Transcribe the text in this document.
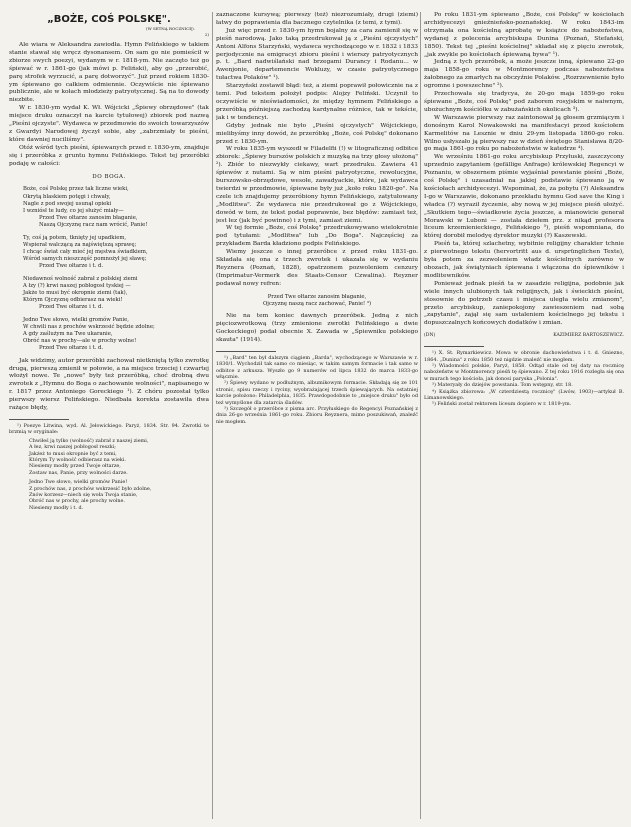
„BOŻE, COŚ POLSKĘ".
(W SETNĄ ROCZNICĘ).
2)

Ale wiara w Aleksandra zawiodła. Hymn Felińskiego w takiem stanie stawał się wręcz dysonansem. On sam go nie pomieścił w zbiorze swych poezyi, wydanym w r. 1818-ym. Nie zaczęto też go śpiewać w r. 1861-go (jak mówi p. Feliński), aby go „przerobić, parę strofek wyrzucić, a parę dotworzyć". Już przed rokiem 1830-ym śpiewano go całkiem odmiennie. Oczywiście nie śpiewano publicznie, ale w kołach młodzieży patryotycznej. Są na to dowody niezbite.

W r. 1830-ym wydał K. Wł. Wójcicki „Śpiewy obrzędowe" (tak miejsce druku oznaczył na karcie tytułowej) zbiorek pod nazwą „Pieśni ojczyste". Wydawca w przedmowie do swoich towarzyszów z Gwardyi Narodowej życzył sobie, aby „zabrzmiały te pieśni, które dawniej nuciliśmy".

Otóż wśród tych pieśni, śpiewanych przed r. 1830-ym, znajduje się i przeróbka z gruntu hymnu Felińskiego. Tekst tej przeróbki podaję w całości:

DO BOGA.
Boże, coś Polskę przez tak liczne wieki,
Okrytą blaskiem potęgi i chwały,
Nagle z pod swojej usunął opieki
I wzniósł te ludy, co jej służyć miały—
Przed Twe ołtarze zanosim błaganie,
Naszą Ojczyznę racz nam wrócić, Panie!
Ty, coś ją potem, tknięty jej upadkiem,
Wspierał walczącą za najświętszą sprawę;
I chcąc świat cały mieć jej męstwa świadkiem,
Wśród samych nieszczęść pomnożył jej sławę;
Przed Twe ołtarze i t. d.
Niedawnoś wolność zabrał z polskiej ziemi
A łzy (?) krwi naszej pobłogosł tyskiej —
Jakże to musi być okropnie ziemi (tak),
Którym Ojczyznę odbierasz na wieki!
Przed Twe ołtarze i t. d.
Jedno Twe słowo, wielki gromów Panie,
W chwili nas z prochów wskrzesić będzie zdolne;
A gdy zaślużym na Twe ukaranie,
Obróć nas w prochy—ale w prochy wolne!
Przed Twe ołtarze i t. d.

Jak widzimy, autor przeróbki zachował nietkniętą tylko zwrotkę drugą, pierwszą zmienił w połowie, a na miejsce trzeciej i czwartej włożył nowe. Te „nowe" były też przeróbką, choć drobną dwu zwrotek z „Hymnu do Boga o zachowanie wolności", napisanego w r. 1817 przez Antoniego Goreckiego ¹). Z chóru pozostał tylko pierwszy wiersz Felińskiego. Niedbała korekta zostawiła dwa rażące błędy,

¹) Poezye Litwina, wyd. Al. Jełowickiego. Paryż, 1834. Str. 94. Zwrotki te brzmią w oryginale:

Chwiłeś ją tylko (wolność) zabrał z naszej ziemi,
A łez, krwi naszej pobłogosł reszki;
Jakżeż to musi okropnie być z temi,
Którym Ty wolność odbierasz na wieki.
Niesiemy modły przed Twoje ołtarze,
Zostaw nas, Panie, przy wolności darze.
Jedno Twe słowo, wielki gromów Panie!
Z prochów nas, z prochów wskrzesić było zdolne,
Znów korzesz—niech się woła Twoja stanie,
Obróć nas w prochy, ale prochy wolne.
Niesiemy modły i t. d.

zaznaczone kursywą; pierwszy (też) niezrozumiały, drugi (ziemi) łatwy do poprawienia dla bacznego czytelnika (z temi, z tymi).

Już więc przed r. 1830-ym hymn bojalny za cara zamienił się w pieśń narodową. Jako taką przedrukował ją z „Pieśni ojczystych" Antoni Alfons Starzyński, wydawca wychodzącego w r. 1832 i 1833 perjodycznie na emigracyi zbioru pieśni i wierszy patryotycznych p. t. „Bard nadwiślański nad brzegami Durancy i Rodanu... w Awenjonie, departemencie Wokluzy, w czasie patryotycznego tułactwa Polaków" ¹).

Starzyński zostawił błąd: też, a ziemi poprawił połowicznie na z temi. Pod tekstem położył podpis: Alojzy Feliński. Uczynił to oczywiście w nieświadomości, że między hymnem Felińskiego a przeróbką późniejszą zachodzą kardynalne różnice, tak w tekście, jak i w tendencyi.

Gdyby jednak nie było „Pieśni ojczystych" Wójcickiego, mielibyśmy inny dowód, że przeróbkę „Boże, coś Polskę" dokonano przed r. 1830-ym.

W roku 1835-ym wyszedł w Filadelfii (!) w litograficznej odbitce zbiorek: „Śpiewy burszów polskich z muzyką na trzy głosy ułożoną" ²). Zbiór to niezwykły ciekawy, wart przedruku. Zawiera 41 śpiewów z nutami. Są w nim pieśni patryotyczne, rewolucyjne, burszowsko-obrzędowe, wesołe, zawadyackie, które, jak wydawca twierdzi w przedmowie, śpiewane były już „koło roku 1820-go". Na czele ich znajdujemy przeróbiony hymn Felińskiego, zatytułowany „Modlitwa". Że wydawca nie przedrukował go z Wójcickiego, dowód w tem, że tekst podał poprawnie, bez błędów: zamiast też, jest łez (jak być powinno) i z tymi, zamiast ziemi.

W tej formie „Boże, coś Polskę" przedrukowywano wielokrotnie pod tytułami: „Modlitwa" lub „Do Boga". Najczęściej za przykładem Barda kładziono podpis Felińskiego.

Wiemy jeszcze o innej przeróbce z przed roku 1831-go. Składała się ona z trzech zwrotek i ukazała się w wydaniu Reyznera (Poznań, 1828), opatrzonem pozwoleniem cenzury (Imprimatur-Vermerk des Staats-Censor Czwalina). Reyzner podawał nowy refren:

Przed Twe ołtarze zanosim błaganie,
Ojczyznę naszą racz zachować, Panie! ³)

Nie na tem koniec dawnych przeróbek. Jedną z nich pięciozwrotkową (trzy zmienione zwrotki Felińskiego a dwie Gockeckiego) podał obecnie X. Zawada w „Śpiewniku polskiego skauta" (1914).

¹) „Bard" ten był dalszym ciągiem „Barda", wychodzącego w Warszawie w r. 1830/1. Wychodził tak samo co miesiąc, w takim samym formacie i tak samo w odbitce z arkusza. Wyszło go 9 numerów od lipca 1832 do marca 1833-go włącznie.

²) Śpiewy wydano w podłużnym, albumikowym formacie. Składają się ze 101 stronic, spisu rzeczy i ryciny, wyobrażającej trzech śpiewających. Na ostatniej karcie położono: Philadelphia, 1835. Prawdopodobnie to „miejsce druku" było od też wymyślone dla zatarcia śladów.

³) Szczegół o przeróbce z pisma arc. Przyłuskiego do Regencyi Poznańskiej z dnia 26-go września 1861-go roku. Zbioru Reyznera, mimo poszukiwań, znaleźć nie mogłem.

Po roku 1831-ym śpiewano „Boże, coś Polskę" w kościołach archidyecezyi gnieźnieńsko-poznańskiej. W roku 1843-im otrzymała ona kościelną aprobatę w książce do nabożeństwa, wydanej z polecenia arcybiskupa Dunina (Poznań, Stefański, 1850). Tekst tej „pieśni kościelnej" składał się z pięciu zwrotek, „jak zwykle po kościołach śpiewaną bywa" ¹).

Jedną z tych przeróbek, a może jeszcze inną, śpiewano 22-go maja 1858-go roku w Montmorency podczas nabożeństwa żałobnego za zmarłych na obczyźnie Polaków. „Rozrzewnienie było ogromne i powszechne" ²).

Przechowała się tradycya, że 20-go maja 1859-go roku śpiewane „Boże, coś Polskę" pod zaborem rosyjskim w naiwnym, ubożuchnym kościółku w zabużańskich okolicach ³).

W Warszawie pierwszy raz zaintonował ją głosem grzmiącym i donośnym Karol Nowakowski na manifestacyi przed kościołem Karmelitów na Lesznie w dniu 29-ym listopada 1860-go roku. Wilno usłyszało ją pierwszy raz w dzień świętego Stanisława 8/20-go maja 1861-go roku po nabożeństwie w katedrze ⁴).

We wrześniu 1861-go roku arcybiskup Przyłuski, zaszczycony uprzednio zapytaniem (gefällige Anfrage) królewskiej Regencyi w Poznaniu, w obszernem piśmie wyjaśniał powstanie pieśni „Boże, coś Polskę" i uzasadniał na jakiej podstawie śpiewano ją w kościołach archidyecezyi. Wspominał, że, za pobytu (?) Aleksandra I-go w Warszawie, dokonano przekładu hymnu God save the King i władca (?) wyraził życzenie, aby nową w jej miejsce pieśń ułożyć. „Skutkiem tego—świadkowie życia jeszcze, a mianowicie generał Morawski w Luboni — została dziełem prz. z nikąd profesora liceum krzemienieckiego, Felińskiego ⁵), pieśń wspomniana, do której dorobił melodyę dyrektor muzyki (?) Kaszewski.

Pieśń ta, której szlachetny, wybitnie religijny charakter tchnie z pierwotnego tekstu (hervortritt aus d. ursprünglichen Texte), była potem za zezwoleniem władz kościelnych zarówno w obozach, jak świątyniach śpiewana i włączona do śpiewników i modlitewników.

Ponieważ jednak pieśń ta w zasadzie religijna, podobnie jak wiele innych ulubionych tak religijnych, jak i świeckich pieśni, stosownie do potrzeb czasu i miejsca uległa wielu zmianom", przeto arcybiskup, zaniepokojony zawieszeniem nad sobą „zapytanie", zajął się sam ustaleniem kościelnego jej tekstu i dopuszczalnych końcowych dodatków i zmian.

(DN)	KAZIMIERZ BARTOSZEWICZ.

¹) X. St. Rymarkiewicz. Mowa w obronie dachowieństwa i t. d. Gniezno, 1864. „Dunina" z roku 1850 też nigdzie znaleźć nie mogłem.

²) Wiadomości polskie, Paryż, 1858. Odtąd stale od tej daty na rocznicę nabożeństw w Montmorency pieśń tę śpiewano. Z tej roku 1916 rozległa się ona w murach tego kościoła, jak donosi paryska „Polonia".

³) Materyały do dziejów powstania. Tom wstępny, str. 18.

⁴) Książka zbiorowa: „W czterdziestą rocznicę" (Lwów, 1903)—artykuł B. Limanowskiego.

⁵) Feliński został rektorem liceum dopiero w r. 1819-ym.
